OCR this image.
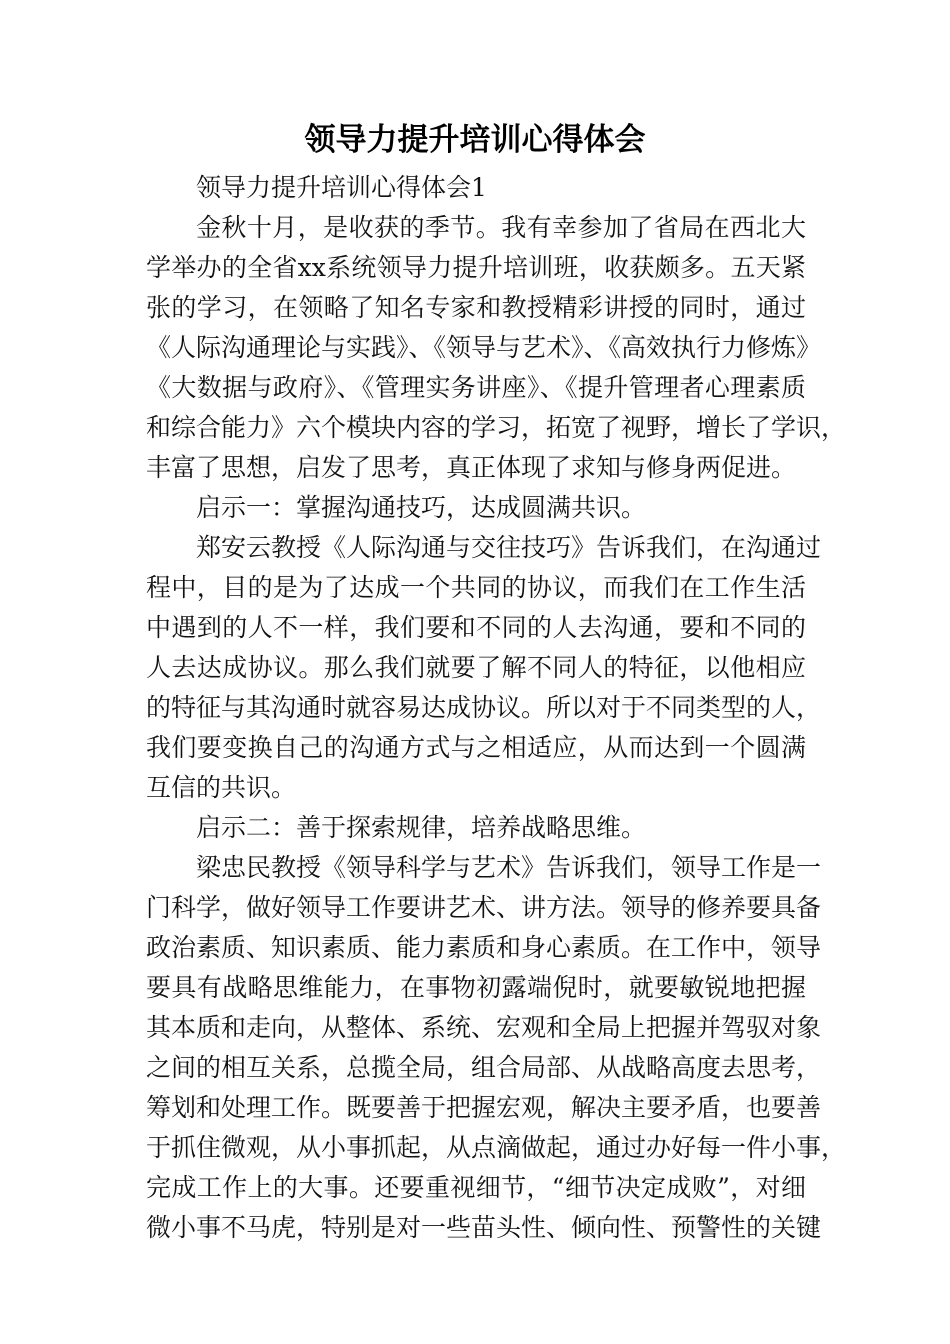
领导力提升培训心得体会
领导力提升培训心得体会1
金秋十月，是收获的季节。我有幸参加了省局在西北大
学举办的全省xx系统领导力提升培训班，收获颇多。五天紧
张的学习，在领略了知名专家和教授精彩讲授的同时，通过
《人际沟通理论与实践》、《领导与艺术》、《高效执行力修炼》
《大数据与政府》、《管理实务讲座》、《提升管理者心理素质
和综合能力》六个模块内容的学习，拓宽了视野，增长了学识，
丰富了思想，启发了思考，真正体现了求知与修身两促进。
启示一：掌握沟通技巧，达成圆满共识。
郑安云教授《人际沟通与交往技巧》告诉我们，在沟通过
程中，目的是为了达成一个共同的协议，而我们在工作生活
中遇到的人不一样，我们要和不同的人去沟通，要和不同的
人去达成协议。那么我们就要了解不同人的特征，以他相应
的特征与其沟通时就容易达成协议。所以对于不同类型的人，
我们要变换自己的沟通方式与之相适应，从而达到一个圆满
互信的共识。
启示二：善于探索规律，培养战略思维。
梁忠民教授《领导科学与艺术》告诉我们，领导工作是一
门科学，做好领导工作要讲艺术、讲方法。领导的修养要具备
政治素质、知识素质、能力素质和身心素质。在工作中，领导
要具有战略思维能力，在事物初露端倪时，就要敏锐地把握
其本质和走向，从整体、系统、宏观和全局上把握并驾驭对象
之间的相互关系，总揽全局，组合局部、从战略高度去思考，
筹划和处理工作。既要善于把握宏观，解决主要矛盾，也要善
于抓住微观，从小事抓起，从点滴做起，通过办好每一件小事，
完成工作上的大事。还要重视细节，“细节决定成败”，对细
微小事不马虎，特别是对一些苗头性、倾向性、预警性的关键
